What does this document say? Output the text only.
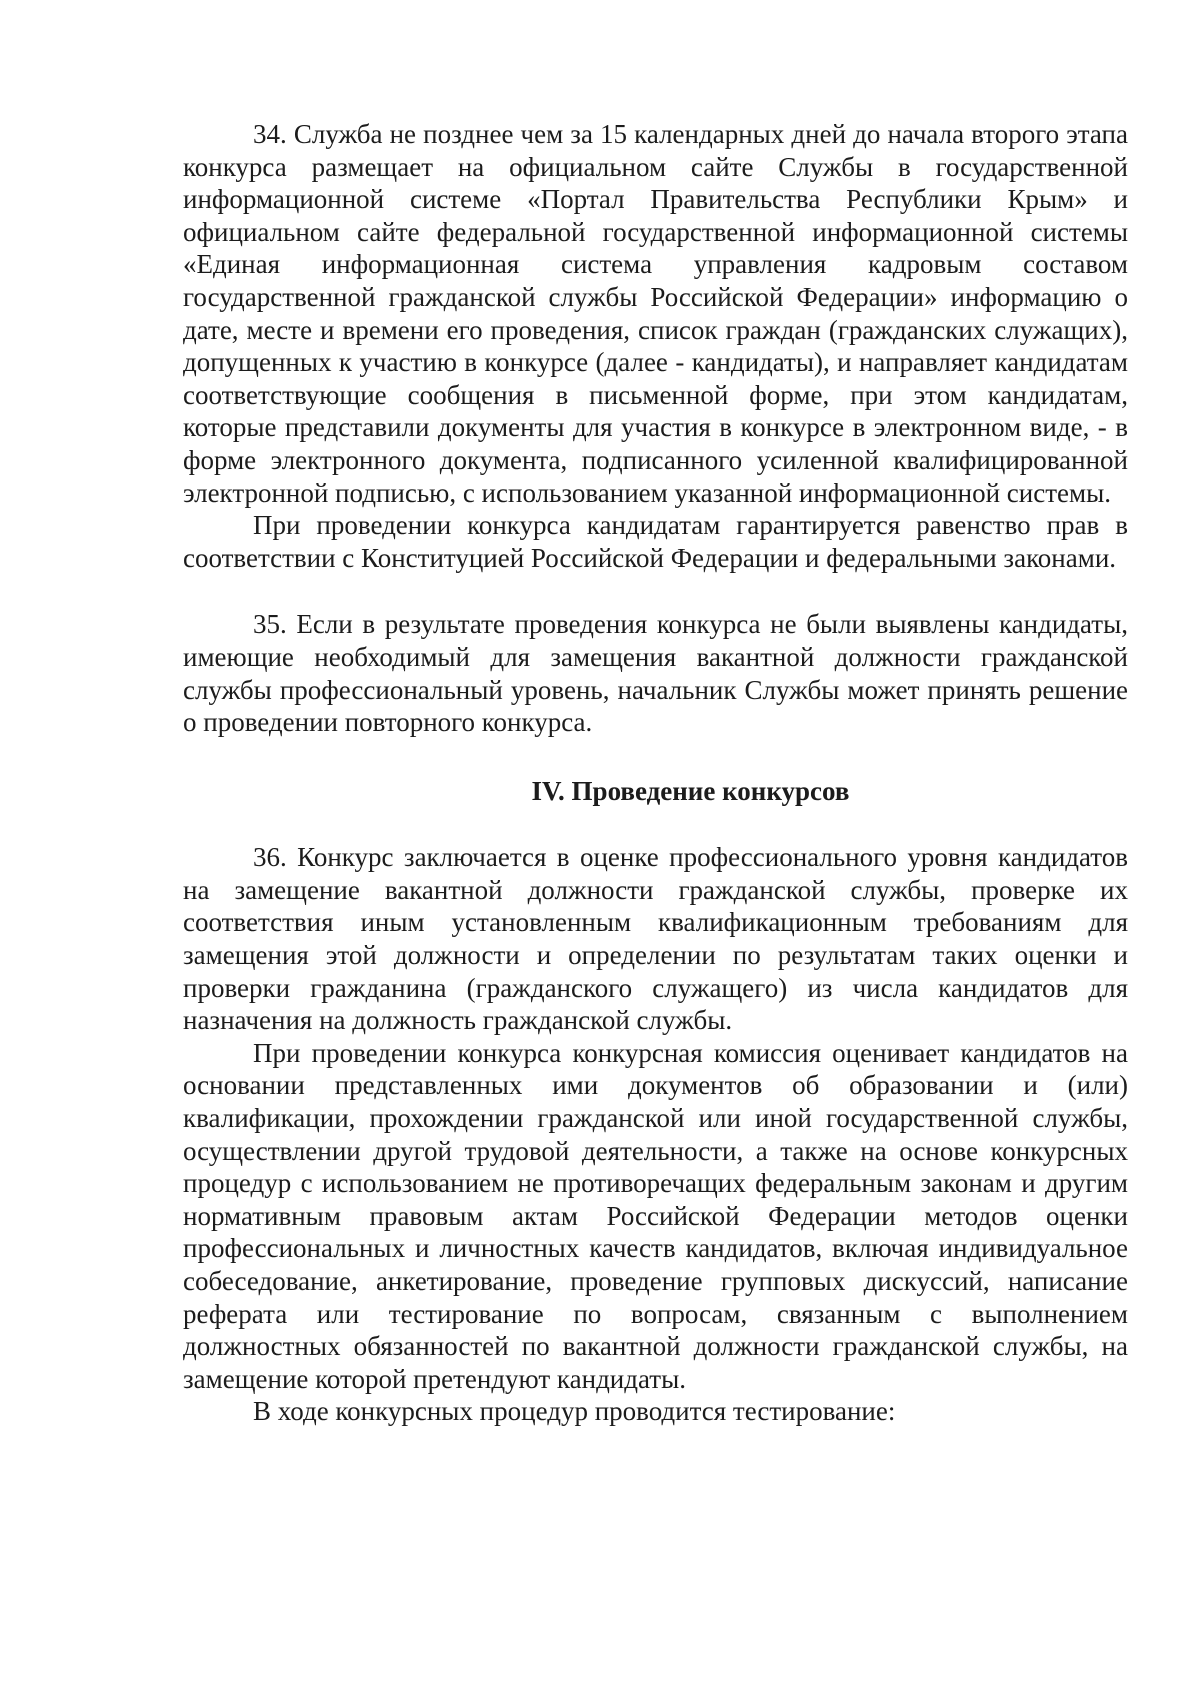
34. Служба не позднее чем за 15 календарных дней до начала второго этапа конкурса размещает на официальном сайте Службы в государственной информационной системе «Портал Правительства Республики Крым» и официальном сайте федеральной государственной информационной системы «Единая информационная система управления кадровым составом государственной гражданской службы Российской Федерации» информацию о дате, месте и времени его проведения, список граждан (гражданских служащих), допущенных к участию в конкурсе (далее - кандидаты), и направляет кандидатам соответствующие сообщения в письменной форме, при этом кандидатам, которые представили документы для участия в конкурсе в электронном виде, - в форме электронного документа, подписанного усиленной квалифицированной электронной подписью, с использованием указанной информационной системы.

При проведении конкурса кандидатам гарантируется равенство прав в соответствии с Конституцией Российской Федерации и федеральными законами.

35. Если в результате проведения конкурса не были выявлены кандидаты, имеющие необходимый для замещения вакантной должности гражданской службы профессиональный уровень, начальник Службы может принять решение о проведении повторного конкурса.

IV. Проведение конкурсов

36. Конкурс заключается в оценке профессионального уровня кандидатов на замещение вакантной должности гражданской службы, проверке их соответствия иным установленным квалификационным требованиям для замещения этой должности и определении по результатам таких оценки и проверки гражданина (гражданского служащего) из числа кандидатов для назначения на должность гражданской службы.

При проведении конкурса конкурсная комиссия оценивает кандидатов на основании представленных ими документов об образовании и (или) квалификации, прохождении гражданской или иной государственной службы, осуществлении другой трудовой деятельности, а также на основе конкурсных процедур с использованием не противоречащих федеральным законам и другим нормативным правовым актам Российской Федерации методов оценки профессиональных и личностных качеств кандидатов, включая индивидуальное собеседование, анкетирование, проведение групповых дискуссий, написание реферата или тестирование по вопросам, связанным с выполнением должностных обязанностей по вакантной должности гражданской службы, на замещение которой претендуют кандидаты.

В ходе конкурсных процедур проводится тестирование:
